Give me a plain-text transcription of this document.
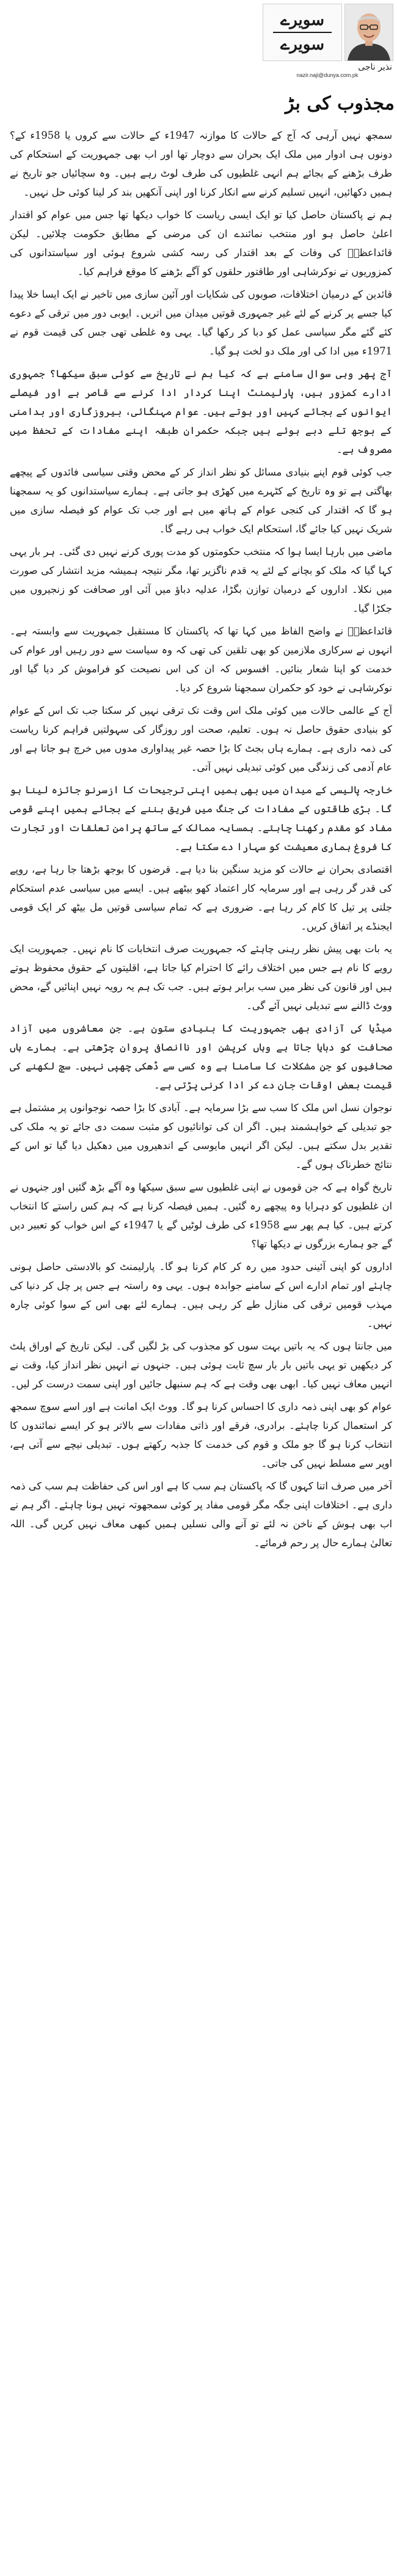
سویرے
سویرے
نذیر ناجی
nazir.naji@dunya.com.pk
مجذوب کی بڑ

سمجھ نہیں آرہی کہ آج کے حالات کا موازنہ 1947ء کے حالات سے کروں یا 1958ء کے؟ دونوں ہی ادوار میں ملک ایک بحران سے دوچار تھا اور اب بھی جمہوریت کے استحکام کی طرف بڑھنے کے بجائے ہم انہی غلطیوں کی طرف لوٹ رہے ہیں۔ وہ سچائیاں جو تاریخ نے ہمیں دکھائیں، انہیں تسلیم کرنے سے انکار کرنا اور اپنی آنکھیں بند کر لینا کوئی حل نہیں۔

ہم نے پاکستان حاصل کیا تو ایک ایسی ریاست کا خواب دیکھا تھا جس میں عوام کو اقتدار اعلیٰ حاصل ہو اور منتخب نمائندے ان کی مرضی کے مطابق حکومت چلائیں۔ لیکن قائداعظمؒ کی وفات کے بعد اقتدار کی رسہ کشی شروع ہوئی اور سیاستدانوں کی کمزوریوں نے نوکرشاہی اور طاقتور حلقوں کو آگے بڑھنے کا موقع فراہم کیا۔

قائدین کے درمیان اختلافات، صوبوں کی شکایات اور آئین سازی میں تاخیر نے ایک ایسا خلا پیدا کیا جسے پر کرنے کے لئے غیر جمہوری قوتیں میدان میں اتریں۔ ایوبی دور میں ترقی کے دعوے کئے گئے مگر سیاسی عمل کو دبا کر رکھا گیا۔ یہی وہ غلطی تھی جس کی قیمت قوم نے 1971ء میں ادا کی اور ملک دو لخت ہو گیا۔

آج پھر وہی سوال سامنے ہے کہ کیا ہم نے تاریخ سے کوئی سبق سیکھا؟ جمہوری ادارے کمزور ہیں، پارلیمنٹ اپنا کردار ادا کرنے سے قاصر ہے اور فیصلے ایوانوں کے بجائے کہیں اور ہوتے ہیں۔ عوام مہنگائی، بیروزگاری اور بدامنی کے بوجھ تلے دبے ہوئے ہیں جبکہ حکمران طبقہ اپنے مفادات کے تحفظ میں مصروف ہے۔

جب کوئی قوم اپنے بنیادی مسائل کو نظر انداز کر کے محض وقتی سیاسی فائدوں کے پیچھے بھاگتی ہے تو وہ تاریخ کے کٹہرے میں کھڑی ہو جاتی ہے۔ ہمارے سیاستدانوں کو یہ سمجھنا ہو گا کہ اقتدار کی کنجی عوام کے ہاتھ میں ہے اور جب تک عوام کو فیصلہ سازی میں شریک نہیں کیا جائے گا، استحکام ایک خواب ہی رہے گا۔

ماضی میں بارہا ایسا ہوا کہ منتخب حکومتوں کو مدت پوری کرنے نہیں دی گئی۔ ہر بار یہی کہا گیا کہ ملک کو بچانے کے لئے یہ قدم ناگزیر تھا، مگر نتیجہ ہمیشہ مزید انتشار کی صورت میں نکلا۔ اداروں کے درمیان توازن بگڑا، عدلیہ دباؤ میں آئی اور صحافت کو زنجیروں میں جکڑا گیا۔

قائداعظمؒ نے واضح الفاظ میں کہا تھا کہ پاکستان کا مستقبل جمہوریت سے وابستہ ہے۔ انہوں نے سرکاری ملازمین کو بھی تلقین کی تھی کہ وہ سیاست سے دور رہیں اور عوام کی خدمت کو اپنا شعار بنائیں۔ افسوس کہ ان کی اس نصیحت کو فراموش کر دیا گیا اور نوکرشاہی نے خود کو حکمران سمجھنا شروع کر دیا۔

آج کے عالمی حالات میں کوئی ملک اس وقت تک ترقی نہیں کر سکتا جب تک اس کے عوام کو بنیادی حقوق حاصل نہ ہوں۔ تعلیم، صحت اور روزگار کی سہولتیں فراہم کرنا ریاست کی ذمہ داری ہے۔ ہمارے ہاں بجٹ کا بڑا حصہ غیر پیداواری مدوں میں خرچ ہو جاتا ہے اور عام آدمی کی زندگی میں کوئی تبدیلی نہیں آتی۔

خارجہ پالیسی کے میدان میں بھی ہمیں اپنی ترجیحات کا ازسرنو جائزہ لینا ہو گا۔ بڑی طاقتوں کے مفادات کی جنگ میں فریق بننے کے بجائے ہمیں اپنے قومی مفاد کو مقدم رکھنا چاہئے۔ ہمسایہ ممالک کے ساتھ پرامن تعلقات اور تجارت کا فروغ ہماری معیشت کو سہارا دے سکتا ہے۔

اقتصادی بحران نے حالات کو مزید سنگین بنا دیا ہے۔ قرضوں کا بوجھ بڑھتا جا رہا ہے، روپے کی قدر گر رہی ہے اور سرمایہ کار اعتماد کھو بیٹھے ہیں۔ ایسے میں سیاسی عدم استحکام جلتی پر تیل کا کام کر رہا ہے۔ ضروری ہے کہ تمام سیاسی قوتیں مل بیٹھ کر ایک قومی ایجنڈے پر اتفاق کریں۔

یہ بات بھی پیش نظر رہنی چاہئے کہ جمہوریت صرف انتخابات کا نام نہیں۔ جمہوریت ایک رویے کا نام ہے جس میں اختلاف رائے کا احترام کیا جاتا ہے، اقلیتوں کے حقوق محفوظ ہوتے ہیں اور قانون کی نظر میں سب برابر ہوتے ہیں۔ جب تک ہم یہ رویہ نہیں اپنائیں گے، محض ووٹ ڈالنے سے تبدیلی نہیں آئے گی۔

میڈیا کی آزادی بھی جمہوریت کا بنیادی ستون ہے۔ جن معاشروں میں آزاد صحافت کو دبایا جاتا ہے وہاں کرپشن اور ناانصافی پروان چڑھتی ہے۔ ہمارے ہاں صحافیوں کو جن مشکلات کا سامنا ہے وہ کسی سے ڈھکی چھپی نہیں۔ سچ لکھنے کی قیمت بعض اوقات جان دے کر ادا کرنی پڑتی ہے۔

نوجوان نسل اس ملک کا سب سے بڑا سرمایہ ہے۔ آبادی کا بڑا حصہ نوجوانوں پر مشتمل ہے جو تبدیلی کے خواہشمند ہیں۔ اگر ان کی توانائیوں کو مثبت سمت دی جائے تو یہ ملک کی تقدیر بدل سکتے ہیں۔ لیکن اگر انہیں مایوسی کے اندھیروں میں دھکیل دیا گیا تو اس کے نتائج خطرناک ہوں گے۔

تاریخ گواہ ہے کہ جن قوموں نے اپنی غلطیوں سے سبق سیکھا وہ آگے بڑھ گئیں اور جنہوں نے ان غلطیوں کو دہرایا وہ پیچھے رہ گئیں۔ ہمیں فیصلہ کرنا ہے کہ ہم کس راستے کا انتخاب کرتے ہیں۔ کیا ہم پھر سے 1958ء کی طرف لوٹیں گے یا 1947ء کے اس خواب کو تعبیر دیں گے جو ہمارے بزرگوں نے دیکھا تھا؟

اداروں کو اپنی آئینی حدود میں رہ کر کام کرنا ہو گا۔ پارلیمنٹ کو بالادستی حاصل ہونی چاہئے اور تمام ادارے اس کے سامنے جوابدہ ہوں۔ یہی وہ راستہ ہے جس پر چل کر دنیا کی مہذب قومیں ترقی کی منازل طے کر رہی ہیں۔ ہمارے لئے بھی اس کے سوا کوئی چارہ نہیں۔

میں جانتا ہوں کہ یہ باتیں بہت سوں کو مجذوب کی بڑ لگیں گی۔ لیکن تاریخ کے اوراق پلٹ کر دیکھیں تو یہی باتیں بار بار سچ ثابت ہوئی ہیں۔ جنہوں نے انہیں نظر انداز کیا، وقت نے انہیں معاف نہیں کیا۔ ابھی بھی وقت ہے کہ ہم سنبھل جائیں اور اپنی سمت درست کر لیں۔

عوام کو بھی اپنی ذمہ داری کا احساس کرنا ہو گا۔ ووٹ ایک امانت ہے اور اسے سوچ سمجھ کر استعمال کرنا چاہئے۔ برادری، فرقے اور ذاتی مفادات سے بالاتر ہو کر ایسے نمائندوں کا انتخاب کرنا ہو گا جو ملک و قوم کی خدمت کا جذبہ رکھتے ہوں۔ تبدیلی نیچے سے آتی ہے، اوپر سے مسلط نہیں کی جاتی۔

آخر میں صرف اتنا کہوں گا کہ پاکستان ہم سب کا ہے اور اس کی حفاظت ہم سب کی ذمہ داری ہے۔ اختلافات اپنی جگہ مگر قومی مفاد پر کوئی سمجھوتہ نہیں ہونا چاہئے۔ اگر ہم نے اب بھی ہوش کے ناخن نہ لئے تو آنے والی نسلیں ہمیں کبھی معاف نہیں کریں گی۔ اللہ تعالیٰ ہمارے حال پر رحم فرمائے۔
